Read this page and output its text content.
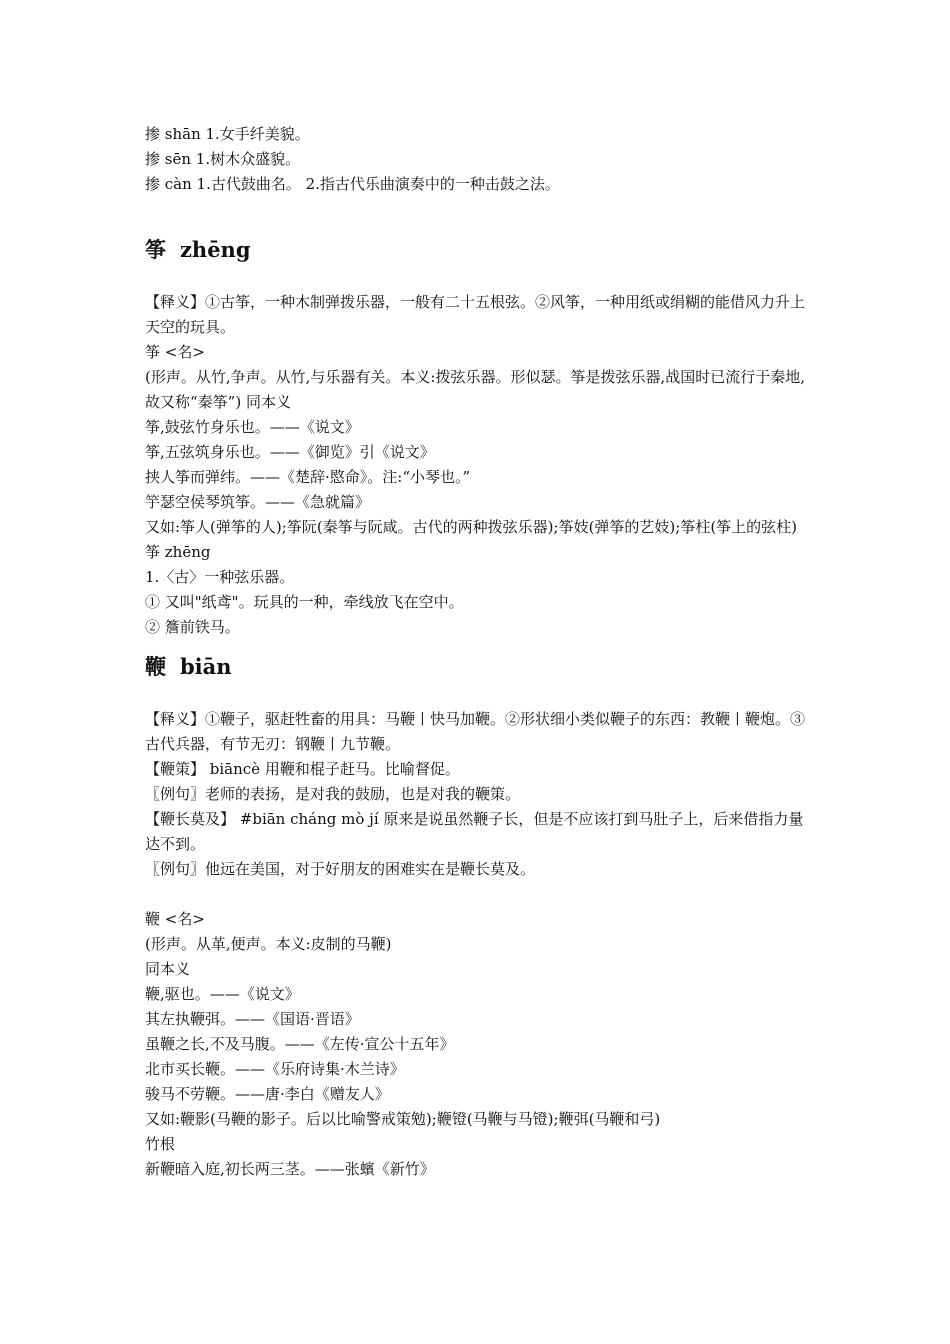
掺 shān 1.女手纤美貌。

掺 sēn 1.树木众盛貌。

掺 càn 1.古代鼓曲名。 2.指古代乐曲演奏中的一种击鼓之法。

筝 zhēng

【释义】①古筝，一种木制弹拨乐器，一般有二十五根弦。②风筝，一种用纸或绢糊的能借风力升上天空的玩具。

筝 <名>

(形声。从竹,争声。从竹,与乐器有关。本义:拨弦乐器。形似瑟。筝是拨弦乐器,战国时已流行于秦地,故又称“秦筝”) 同本义

筝,鼓弦竹身乐也。——《说文》

筝,五弦筑身乐也。——《御览》引《说文》

挟人筝而弹纬。——《楚辞·愍命》。注:“小琴也。”

竽瑟空侯琴筑筝。——《急就篇》

又如:筝人(弹筝的人);筝阮(秦筝与阮咸。古代的两种拨弦乐器);筝妓(弹筝的艺妓);筝柱(筝上的弦柱)

筝 zhēng

1.〈古〉一种弦乐器。

① 又叫"纸鸢"。玩具的一种，牵线放飞在空中。

② 簷前铁马。

鞭 biān

【释义】①鞭子，驱赶牲畜的用具：马鞭丨快马加鞭。②形状细小类似鞭子的东西：教鞭丨鞭炮。③古代兵器，有节无刃：钢鞭丨九节鞭。

【鞭策】 biāncè 用鞭和棍子赶马。比喻督促。

〖例句〗老师的表扬，是对我的鼓励，也是对我的鞭策。

【鞭长莫及】 #biān cháng mò jí 原来是说虽然鞭子长，但是不应该打到马肚子上，后来借指力量达不到。

〖例句〗他远在美国，对于好朋友的困难实在是鞭长莫及。

鞭 <名>

(形声。从革,便声。本义:皮制的马鞭)

同本义

鞭,驱也。——《说文》

其左执鞭弭。——《国语·晋语》

虽鞭之长,不及马腹。——《左传·宣公十五年》

北市买长鞭。——《乐府诗集·木兰诗》

骏马不劳鞭。——唐·李白《赠友人》

又如:鞭影(马鞭的影子。后以比喻警戒策勉);鞭镫(马鞭与马镫);鞭弭(马鞭和弓)

竹根

新鞭暗入庭,初长两三茎。——张蠙《新竹》
